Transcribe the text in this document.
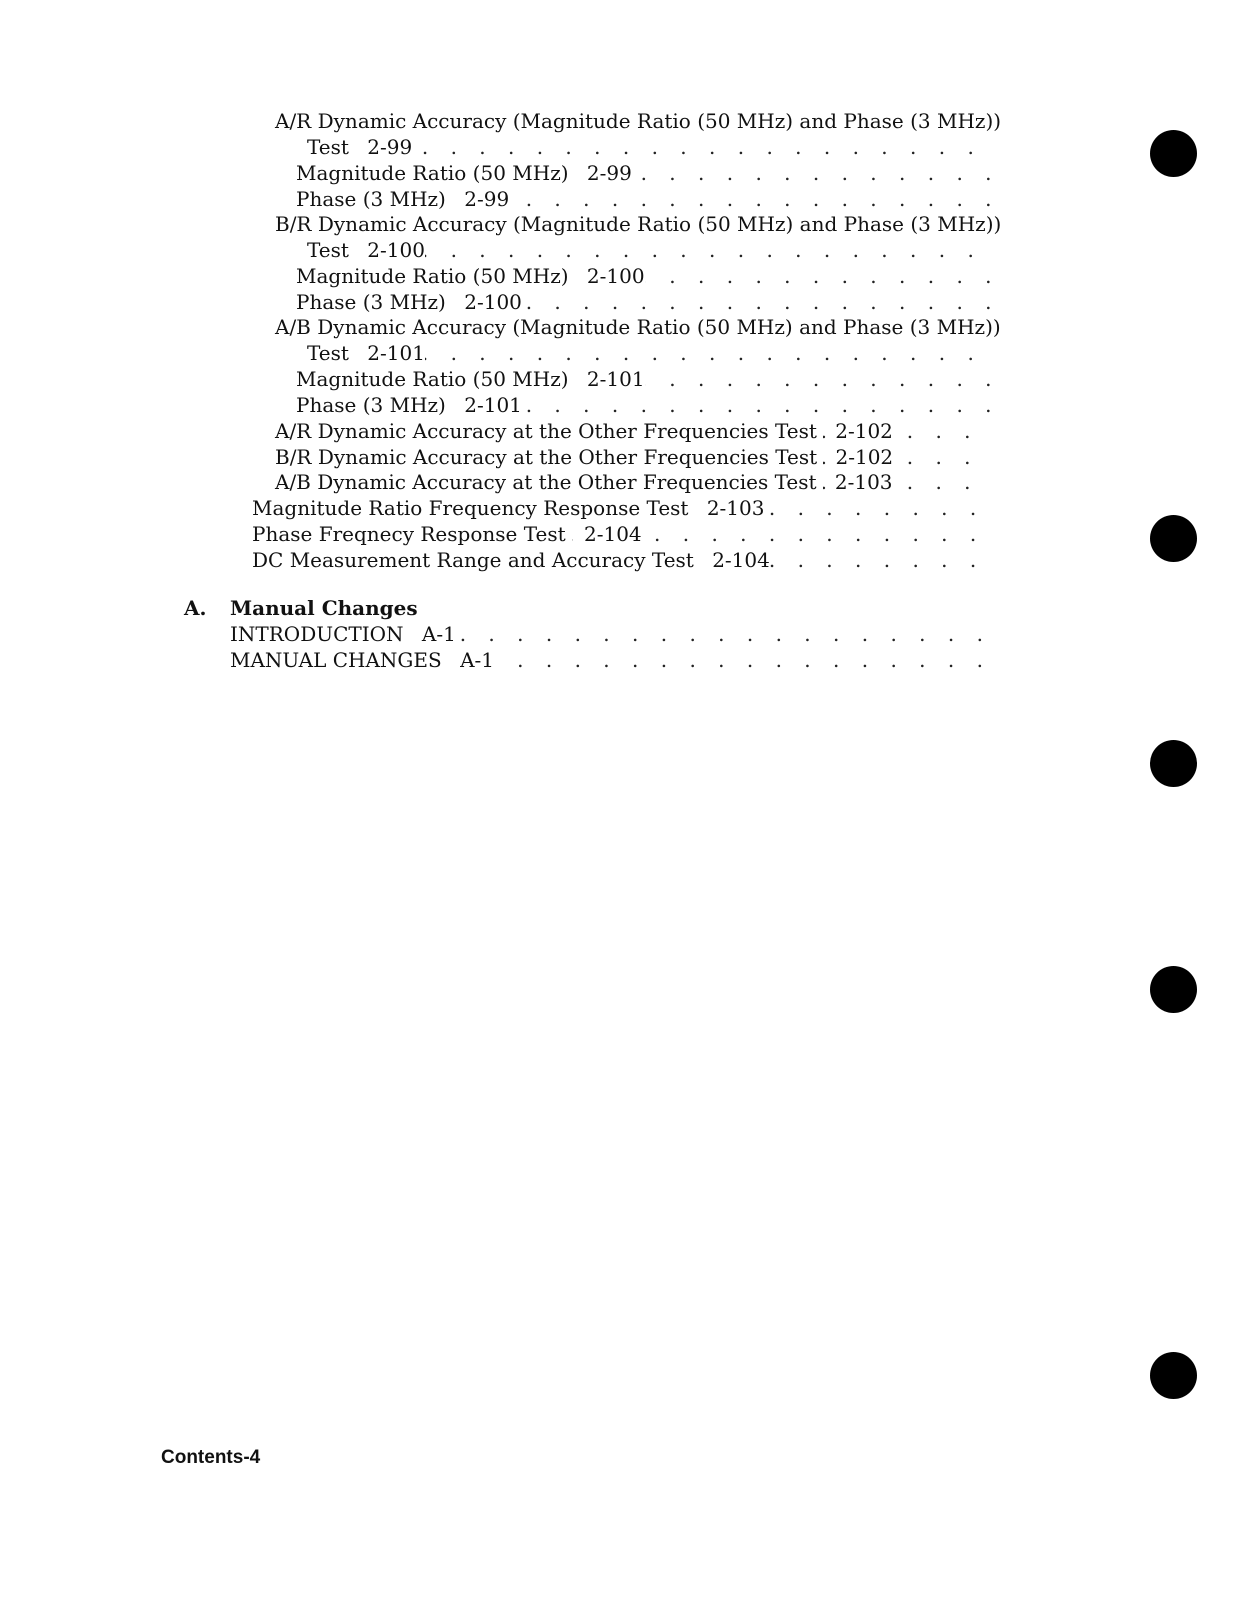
A/R Dynamic Accuracy (Magnitude Ratio (50 MHz) and Phase (3 MHz))
. . .
Test 2-99
. . .
Magnitude Ratio (50 MHz) 2-99
. . .
Phase (3 MHz) 2-99
B/R Dynamic Accuracy (Magnitude Ratio (50 MHz) and Phase (3 MHz))
. . .
Test 2-100
. . .
Magnitude Ratio (50 MHz) 2-100
. . .
Phase (3 MHz) 2-100
A/B Dynamic Accuracy (Magnitude Ratio (50 MHz) and Phase (3 MHz))
. . .
Test 2-101
. . .
Magnitude Ratio (50 MHz) 2-101
. . .
Phase (3 MHz) 2-101
. . .
A/R Dynamic Accuracy at the Other Frequencies Test 2-102
. . .
B/R Dynamic Accuracy at the Other Frequencies Test 2-102
. . .
A/B Dynamic Accuracy at the Other Frequencies Test 2-103
. . .
Magnitude Ratio Frequency Response Test 2-103
. . .
Phase Freqnecy Response Test 2-104
. . .
DC Measurement Range and Accuracy Test 2-104
A. Manual Changes
. . .
INTRODUCTION A-1
. . .
MANUAL CHANGES A-1
Contents-4
